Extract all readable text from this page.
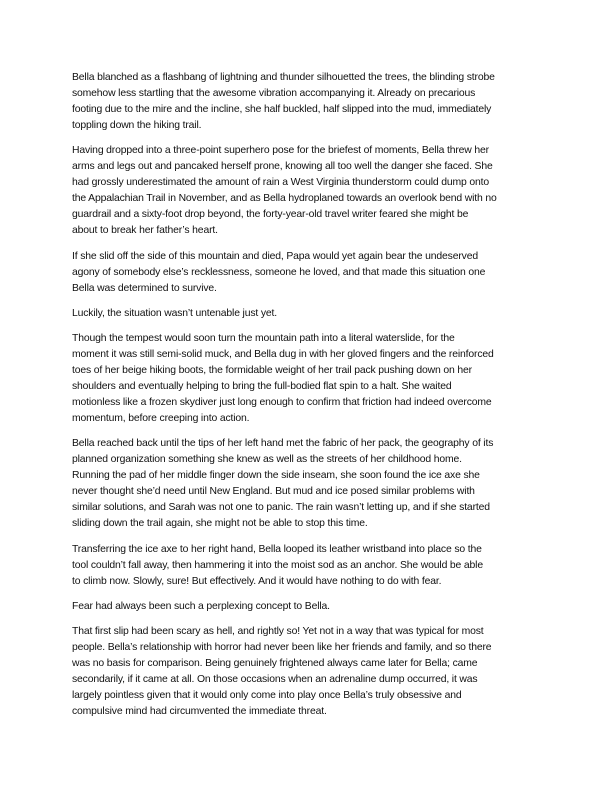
Bella blanched as a flashbang of lightning and thunder silhouetted the trees, the blinding strobe
somehow less startling that the awesome vibration accompanying it. Already on precarious
footing due to the mire and the incline, she half buckled, half slipped into the mud, immediately
toppling down the hiking trail.

Having dropped into a three-point superhero pose for the briefest of moments, Bella threw her
arms and legs out and pancaked herself prone, knowing all too well the danger she faced. She
had grossly underestimated the amount of rain a West Virginia thunderstorm could dump onto
the Appalachian Trail in November, and as Bella hydroplaned towards an overlook bend with no
guardrail and a sixty-foot drop beyond, the forty-year-old travel writer feared she might be
about to break her father’s heart.

If she slid off the side of this mountain and died, Papa would yet again bear the undeserved
agony of somebody else’s recklessness, someone he loved, and that made this situation one
Bella was determined to survive.

Luckily, the situation wasn’t untenable just yet.

Though the tempest would soon turn the mountain path into a literal waterslide, for the
moment it was still semi-solid muck, and Bella dug in with her gloved fingers and the reinforced
toes of her beige hiking boots, the formidable weight of her trail pack pushing down on her
shoulders and eventually helping to bring the full-bodied flat spin to a halt. She waited
motionless like a frozen skydiver just long enough to confirm that friction had indeed overcome
momentum, before creeping into action.

Bella reached back until the tips of her left hand met the fabric of her pack, the geography of its
planned organization something she knew as well as the streets of her childhood home.
Running the pad of her middle finger down the side inseam, she soon found the ice axe she
never thought she’d need until New England. But mud and ice posed similar problems with
similar solutions, and Sarah was not one to panic. The rain wasn’t letting up, and if she started
sliding down the trail again, she might not be able to stop this time.

Transferring the ice axe to her right hand, Bella looped its leather wristband into place so the
tool couldn’t fall away, then hammering it into the moist sod as an anchor. She would be able
to climb now. Slowly, sure! But effectively. And it would have nothing to do with fear.

Fear had always been such a perplexing concept to Bella.

That first slip had been scary as hell, and rightly so! Yet not in a way that was typical for most
people. Bella’s relationship with horror had never been like her friends and family, and so there
was no basis for comparison. Being genuinely frightened always came later for Bella; came
secondarily, if it came at all. On those occasions when an adrenaline dump occurred, it was
largely pointless given that it would only come into play once Bella’s truly obsessive and
compulsive mind had circumvented the immediate threat.
